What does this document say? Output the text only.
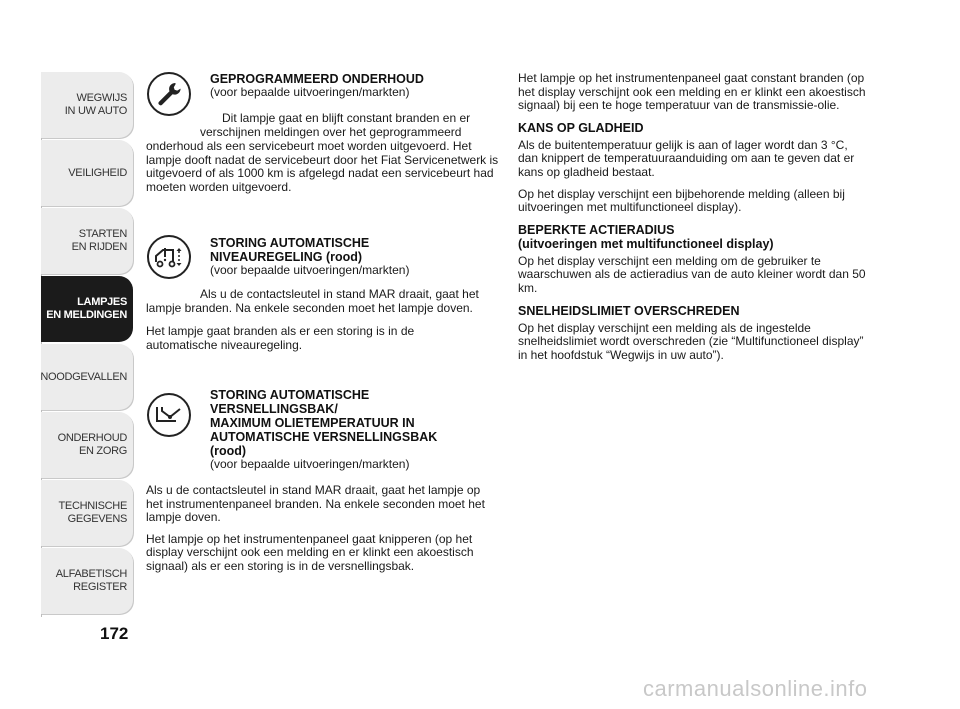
WEGWIJS
IN UW AUTO
VEILIGHEID
STARTEN
EN RIJDEN
LAMPJES
EN MELDINGEN
NOODGEVALLEN
ONDERHOUD
EN ZORG
TECHNISCHE
GEGEVENS
ALFABETISCH
REGISTER
172
GEPROGRAMMEERD ONDERHOUD
(voor bepaalde uitvoeringen/markten)
Dit lampje gaat en blijft constant branden en er
verschijnen meldingen over het geprogrammeerd
onderhoud als een servicebeurt moet worden uitgevoerd. Het lampje dooft nadat de servicebeurt door het Fiat Servicenetwerk is uitgevoerd of als 1000 km is afgelegd nadat een servicebeurt had moeten worden uitgevoerd.
STORING AUTOMATISCHE
NIVEAUREGELING (rood)
(voor bepaalde uitvoeringen/markten)
Als u de contactsleutel in stand MAR draait, gaat het
lampje branden. Na enkele seconden moet het lampje doven.
Het lampje gaat branden als er een storing is in de automatische niveauregeling.
STORING AUTOMATISCHE
VERSNELLINGSBAK/
MAXIMUM OLIETEMPERATUUR IN
AUTOMATISCHE VERSNELLINGSBAK
(rood)
(voor bepaalde uitvoeringen/markten)

Als u de contactsleutel in stand MAR draait, gaat het lampje op het instrumentenpaneel branden. Na enkele seconden moet het lampje doven.

Het lampje op het instrumentenpaneel gaat knipperen (op het display verschijnt ook een melding en er klinkt een akoestisch signaal) als er een storing is in de versnellingsbak.

Het lampje op het instrumentenpaneel gaat constant branden (op het display verschijnt ook een melding en er klinkt een akoestisch signaal) bij een te hoge temperatuur van de transmissie-olie.

KANS OP GLADHEID

Als de buitentemperatuur gelijk is aan of lager wordt dan 3 °C, dan knippert de temperatuuraanduiding om aan te geven dat er kans op gladheid bestaat.

Op het display verschijnt een bijbehorende melding (alleen bij uitvoeringen met multifunctioneel display).

BEPERKTE ACTIERADIUS
(uitvoeringen met multifunctioneel display)

Op het display verschijnt een melding om de gebruiker te waarschuwen als de actieradius van de auto kleiner wordt dan 50 km.

SNELHEIDSLIMIET OVERSCHREDEN

Op het display verschijnt een melding als de ingestelde snelheidslimiet wordt overschreden (zie “Multifunctioneel display” in het hoofdstuk “Wegwijs in uw auto”).

carmanualsonline.info
